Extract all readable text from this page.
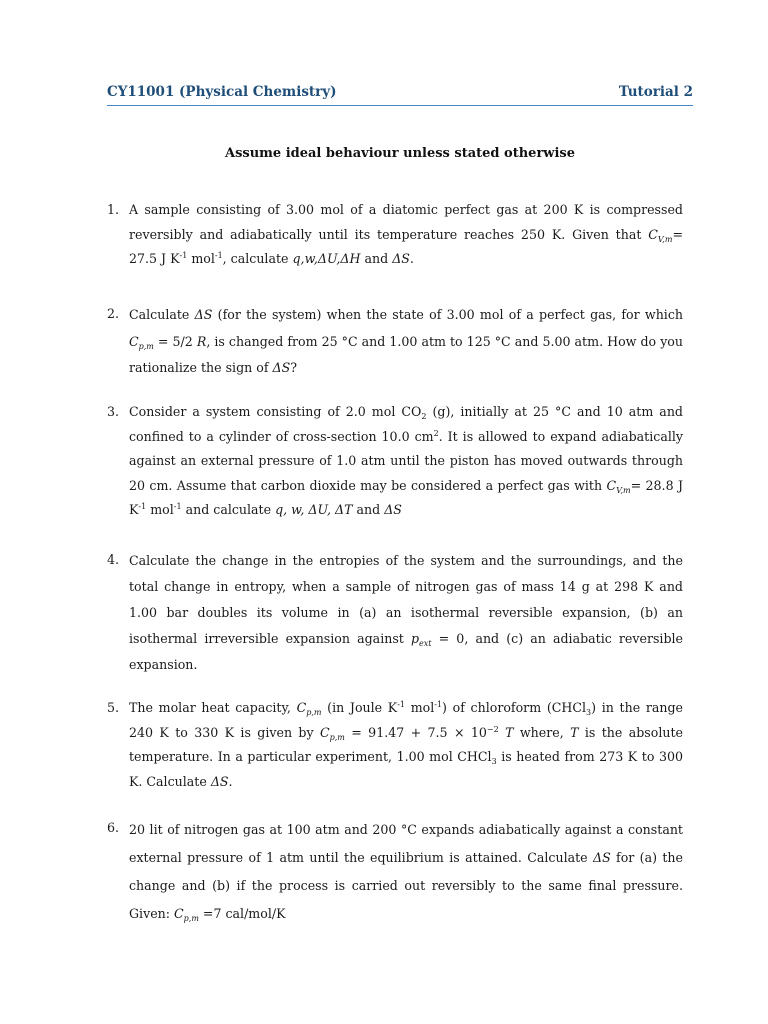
CY11001 (Physical Chemistry)	Tutorial 2
Assume ideal behaviour unless stated otherwise
1. A sample consisting of 3.00 mol of a diatomic perfect gas at 200 K is compressed reversibly and adiabatically until its temperature reaches 250 K. Given that $C_{V,m}= 27.5$ J $K^{-1}$ mol$^{-1}$, calculate q,w,ΔU,ΔH and ΔS.
2. Calculate ΔS (for the system) when the state of 3.00 mol of a perfect gas, for which $C_{p,m} = 5/2$ R, is changed from 25 °C and 1.00 atm to 125 °C and 5.00 atm. How do you rationalize the sign of ΔS?
3. Consider a system consisting of 2.0 mol $CO_2$ (g), initially at 25 °C and 10 atm and confined to a cylinder of cross-section 10.0 $cm^2$. It is allowed to expand adiabatically against an external pressure of 1.0 atm until the piston has moved outwards through 20 cm. Assume that carbon dioxide may be considered a perfect gas with $C_{V,m}= 28.8$ J $K^{-1}$ mol$^{-1}$ and calculate q, w, ΔU, ΔT and ΔS
4. Calculate the change in the entropies of the system and the surroundings, and the total change in entropy, when a sample of nitrogen gas of mass 14 g at 298 K and 1.00 bar doubles its volume in (a) an isothermal reversible expansion, (b) an isothermal irreversible expansion against $p_{ext} = 0$, and (c) an adiabatic reversible expansion.
5. The molar heat capacity, $C_{p,m}$ (in Joule $K^{-1}$ mol$^{-1}$) of chloroform (CHCl$_3$) in the range 240 K to 330 K is given by $C_{p,m} = 91.47 + 7.5 \times 10^{-2}$ T where, T is the absolute temperature. In a particular experiment, 1.00 mol CHCl$_3$ is heated from 273 K to 300 K. Calculate ΔS.
6. 20 lit of nitrogen gas at 100 atm and 200 °C expands adiabatically against a constant external pressure of 1 atm until the equilibrium is attained. Calculate ΔS for (a) the change and (b) if the process is carried out reversibly to the same final pressure. Given: $C_{p,m} =7$ cal/mol/K
